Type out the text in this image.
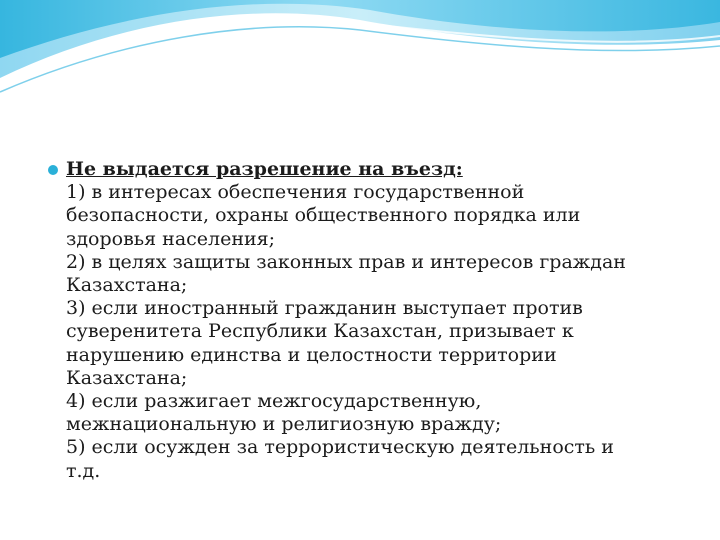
Не выдается разрешение на въезд:
1) в интересах обеспечения государственной
безопасности, охраны общественного порядка или
здоровья населения;
2) в целях защиты законных прав и интересов граждан
Казахстана;
3) если иностранный гражданин выступает против
суверенитета Республики Казахстан, призывает к
нарушению единства и целостности территории
Казахстана;
4) если разжигает межгосударственную,
межнациональную и религиозную вражду;
5) если осужден за террористическую деятельность и
т.д.
